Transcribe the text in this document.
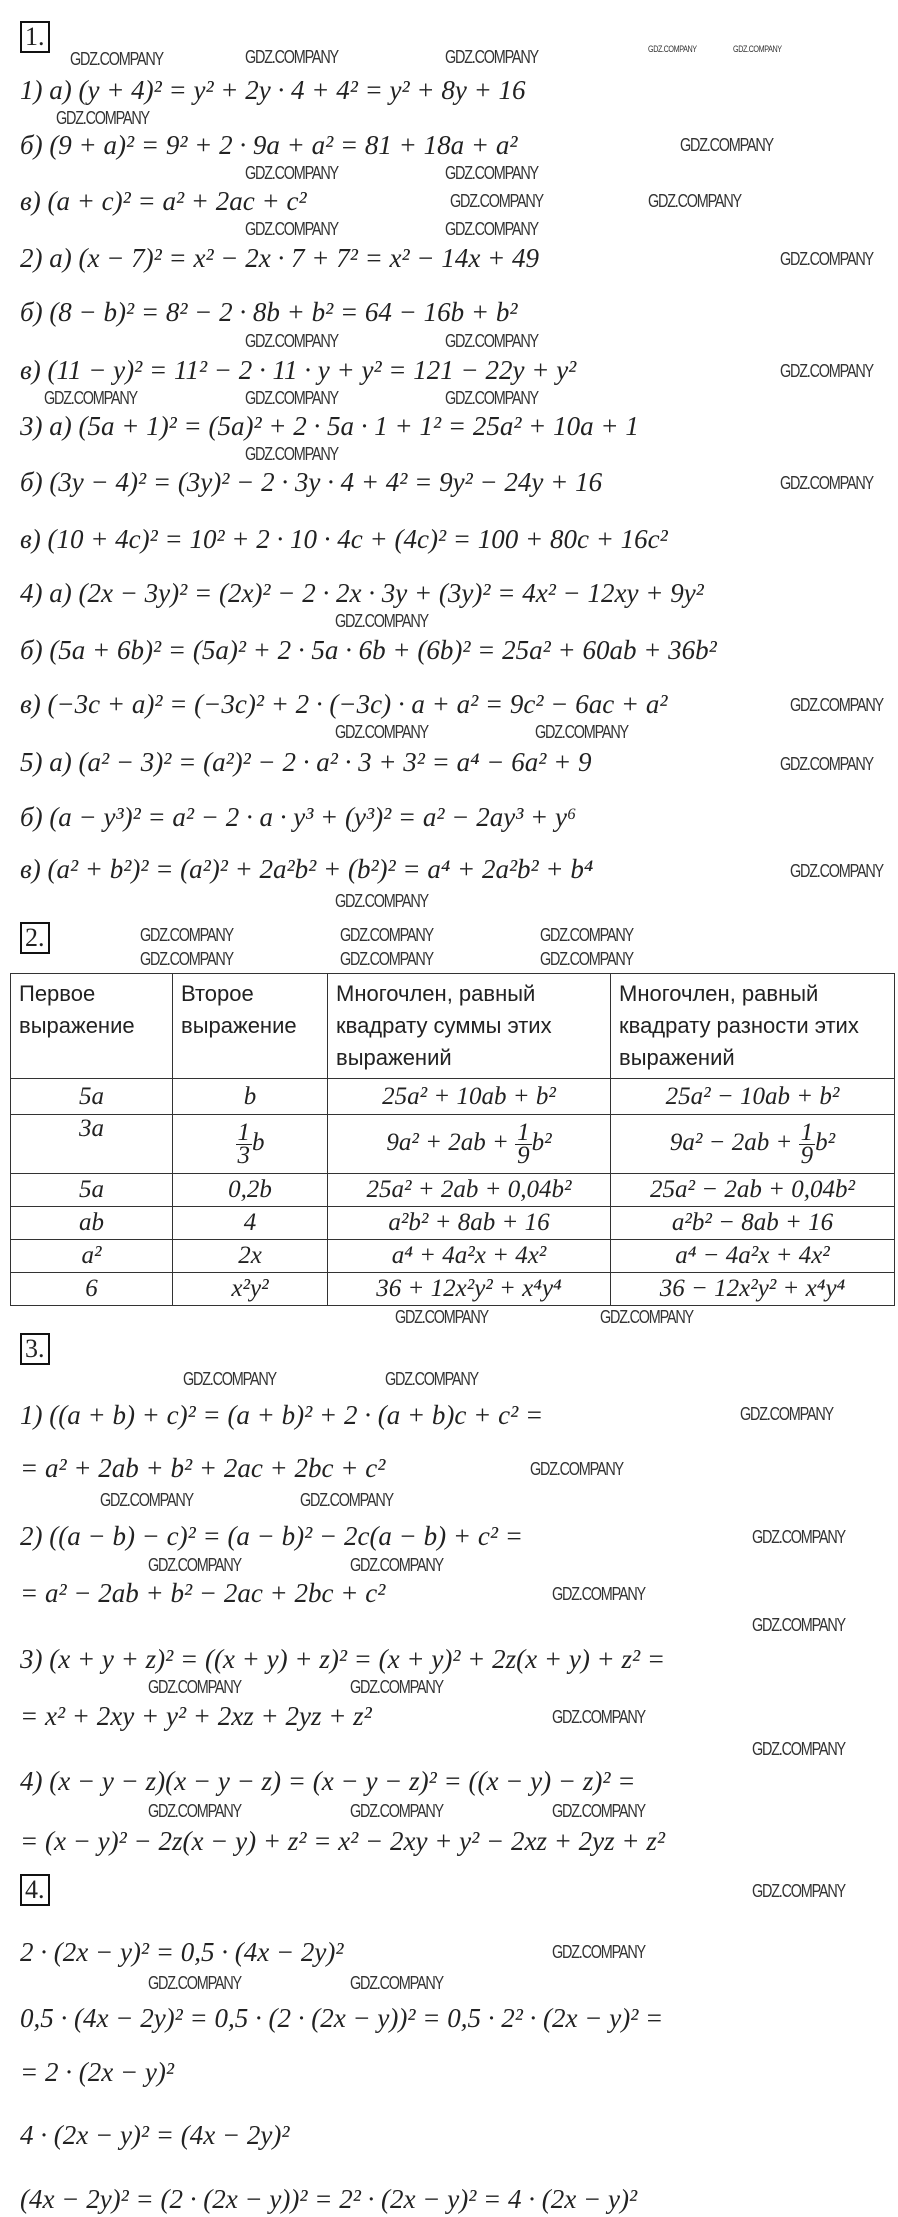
1.
1) а) (y + 4)² = y² + 2y · 4 + 4² = y² + 8y + 16
б) (9 + a)² = 9² + 2 · 9a + a² = 81 + 18a + a²
в) (a + c)² = a² + 2ac + c²
2) а) (x − 7)² = x² − 2x · 7 + 7² = x² − 14x + 49
б) (8 − b)² = 8² − 2 · 8b + b² = 64 − 16b + b²
в) (11 − y)² = 11² − 2 · 11 · y + y² = 121 − 22y + y²
3) а) (5a + 1)² = (5a)² + 2 · 5a · 1 + 1² = 25a² + 10a + 1
б) (3y − 4)² = (3y)² − 2 · 3y · 4 + 4² = 9y² − 24y + 16
в) (10 + 4c)² = 10² + 2 · 10 · 4c + (4c)² = 100 + 80c + 16c²
4) а) (2x − 3y)² = (2x)² − 2 · 2x · 3y + (3y)² = 4x² − 12xy + 9y²
б) (5a + 6b)² = (5a)² + 2 · 5a · 6b + (6b)² = 25a² + 60ab + 36b²
в) (−3c + a)² = (−3c)² + 2 · (−3c) · a + a² = 9c² − 6ac + a²
5) а) (a² − 3)² = (a²)² − 2 · a² · 3 + 3² = a⁴ − 6a² + 9
б) (a − y³)² = a² − 2 · a · y³ + (y³)² = a² − 2ay³ + y⁶
в) (a² + b²)² = (a²)² + 2a²b² + (b²)² = a⁴ + 2a²b² + b⁴
2.
Первое выражение	Второе выражение	Многочлен, равный квадрату суммы этих выражений	Многочлен, равный квадрату разности этих выражений
5a	b	25a² + 10ab + b²	25a² − 10ab + b²
3a	$\frac{1}{3}$ b	$9a^2 + 2ab + \frac{1}{9} b^2$	$9a^2 - 2ab + \frac{1}{9} b^2$
5a	0,2b	25a² + 2ab + 0,04b²	25a² − 2ab + 0,04b²
ab	4	a²b² + 8ab + 16	a²b² − 8ab + 16
a²	2x	a⁴ + 4a²x + 4x²	a⁴ − 4a²x + 4x²
6	x²y²	36 + 12x²y² + x⁴y⁴	36 − 12x²y² + x⁴y⁴
3.
1) ((a + b) + c)² = (a + b)² + 2 · (a + b)c + c² =
= a² + 2ab + b² + 2ac + 2bc + c²
2) ((a − b) − c)² = (a − b)² − 2c(a − b) + c² =
= a² − 2ab + b² − 2ac + 2bc + c²
3) (x + y + z)² = ((x + y) + z)² = (x + y)² + 2z(x + y) + z² =
= x² + 2xy + y² + 2xz + 2yz + z²
4) (x − y − z)(x − y − z) = (x − y − z)² = ((x − y) − z)² =
= (x − y)² − 2z(x − y) + z² = x² − 2xy + y² − 2xz + 2yz + z²
4.
2 · (2x − y)² = 0,5 · (4x − 2y)²
0,5 · (4x − 2y)² = 0,5 · (2 · (2x − y))² = 0,5 · 2² · (2x − y)² =
= 2 · (2x − y)²
4 · (2x − y)² = (4x − 2y)²
(4x − 2y)² = (2 · (2x − y))² = 2² · (2x − y)² = 4 · (2x − y)²
GDZ.COMPANY	GDZ.COMPANY	GDZ.COMPANY	GDZ.COMPANY	GDZ.COMPANY
GDZ.COMPANY
GDZ.COMPANY
GDZ.COMPANY	GDZ.COMPANY
GDZ.COMPANY	GDZ.COMPANY
GDZ.COMPANY	GDZ.COMPANY
GDZ.COMPANY
GDZ.COMPANY	GDZ.COMPANY
GDZ.COMPANY
GDZ.COMPANY	GDZ.COMPANY	GDZ.COMPANY
GDZ.COMPANY
GDZ.COMPANY
GDZ.COMPANY
GDZ.COMPANY
GDZ.COMPANY	GDZ.COMPANY
GDZ.COMPANY
GDZ.COMPANY
GDZ.COMPANY
GDZ.COMPANY	GDZ.COMPANY	GDZ.COMPANY
GDZ.COMPANY	GDZ.COMPANY	GDZ.COMPANY
GDZ.COMPANY	GDZ.COMPANY
GDZ.COMPANY	GDZ.COMPANY
GDZ.COMPANY
GDZ.COMPANY	GDZ.COMPANY
GDZ.COMPANY
GDZ.COMPANY
GDZ.COMPANY	GDZ.COMPANY
GDZ.COMPANY
GDZ.COMPANY
GDZ.COMPANY
GDZ.COMPANY
GDZ.COMPANY
GDZ.COMPANY
GDZ.COMPANY	GDZ.COMPANY	GDZ.COMPANY
GDZ.COMPANY
GDZ.COMPANY
GDZ.COMPANY	GDZ.COMPANY
